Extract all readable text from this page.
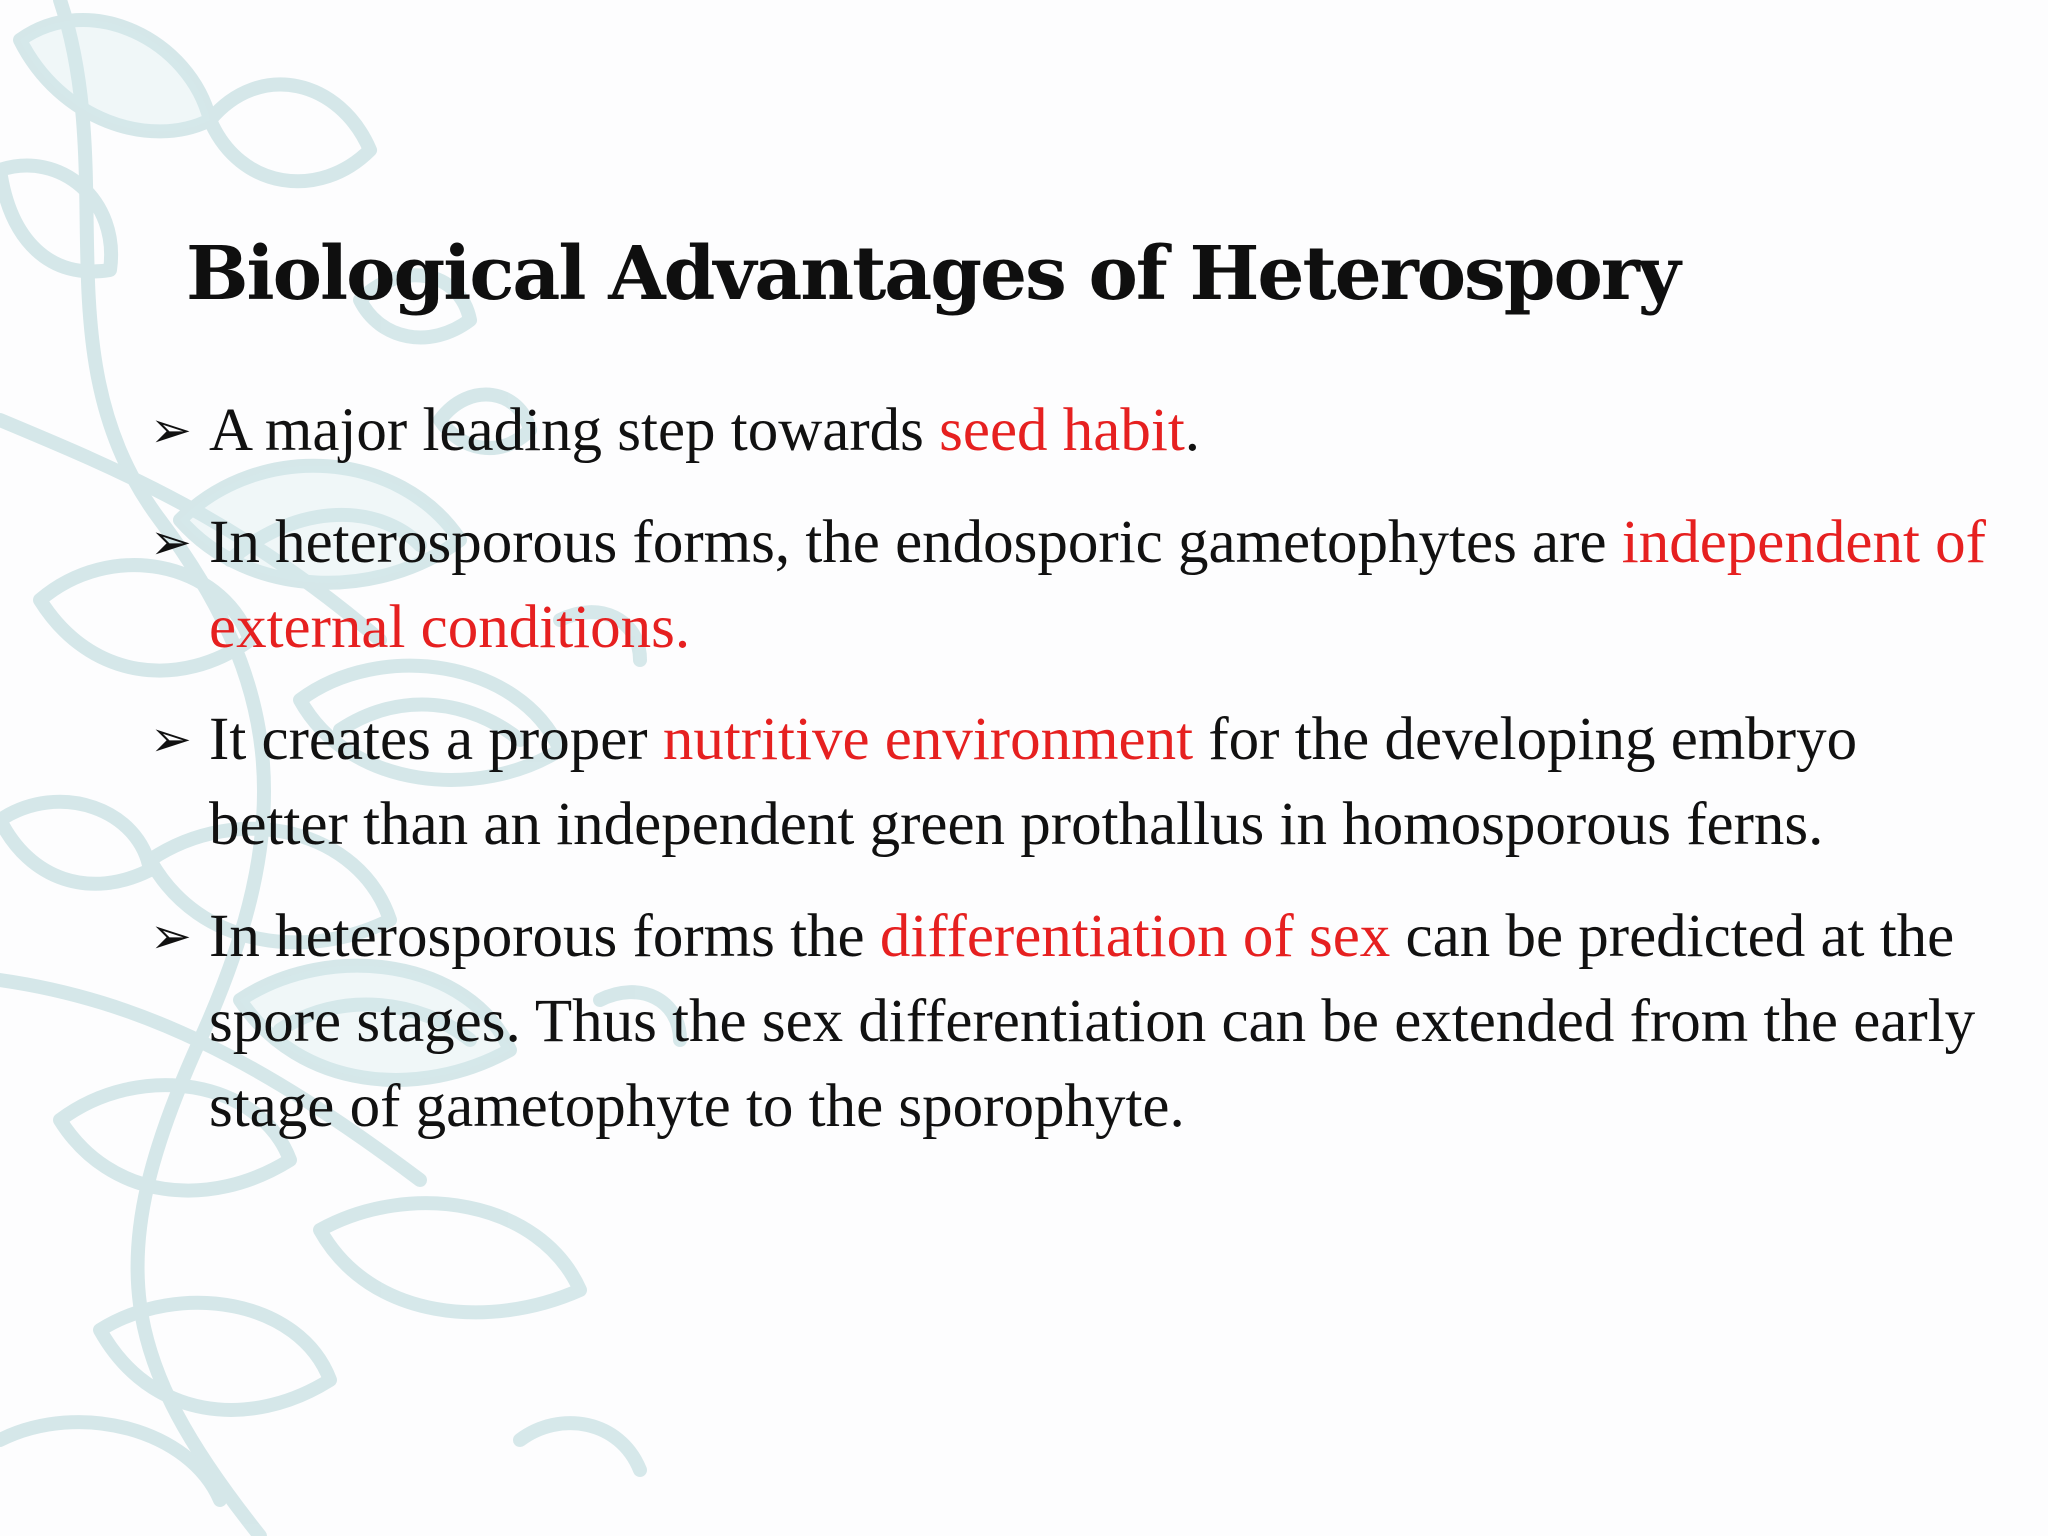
Biological Advantages of Heterospory
➢ A major leading step towards seed habit.
➢ In heterosporous forms, the endosporic gametophytes are independent of external conditions.
➢ It creates a proper nutritive environment for the developing embryo better than an independent green prothallus in homosporous ferns.
➢ In heterosporous forms the differentiation of sex can be predicted at the spore stages. Thus the sex differentiation can be extended from the early stage of gametophyte to the sporophyte.
